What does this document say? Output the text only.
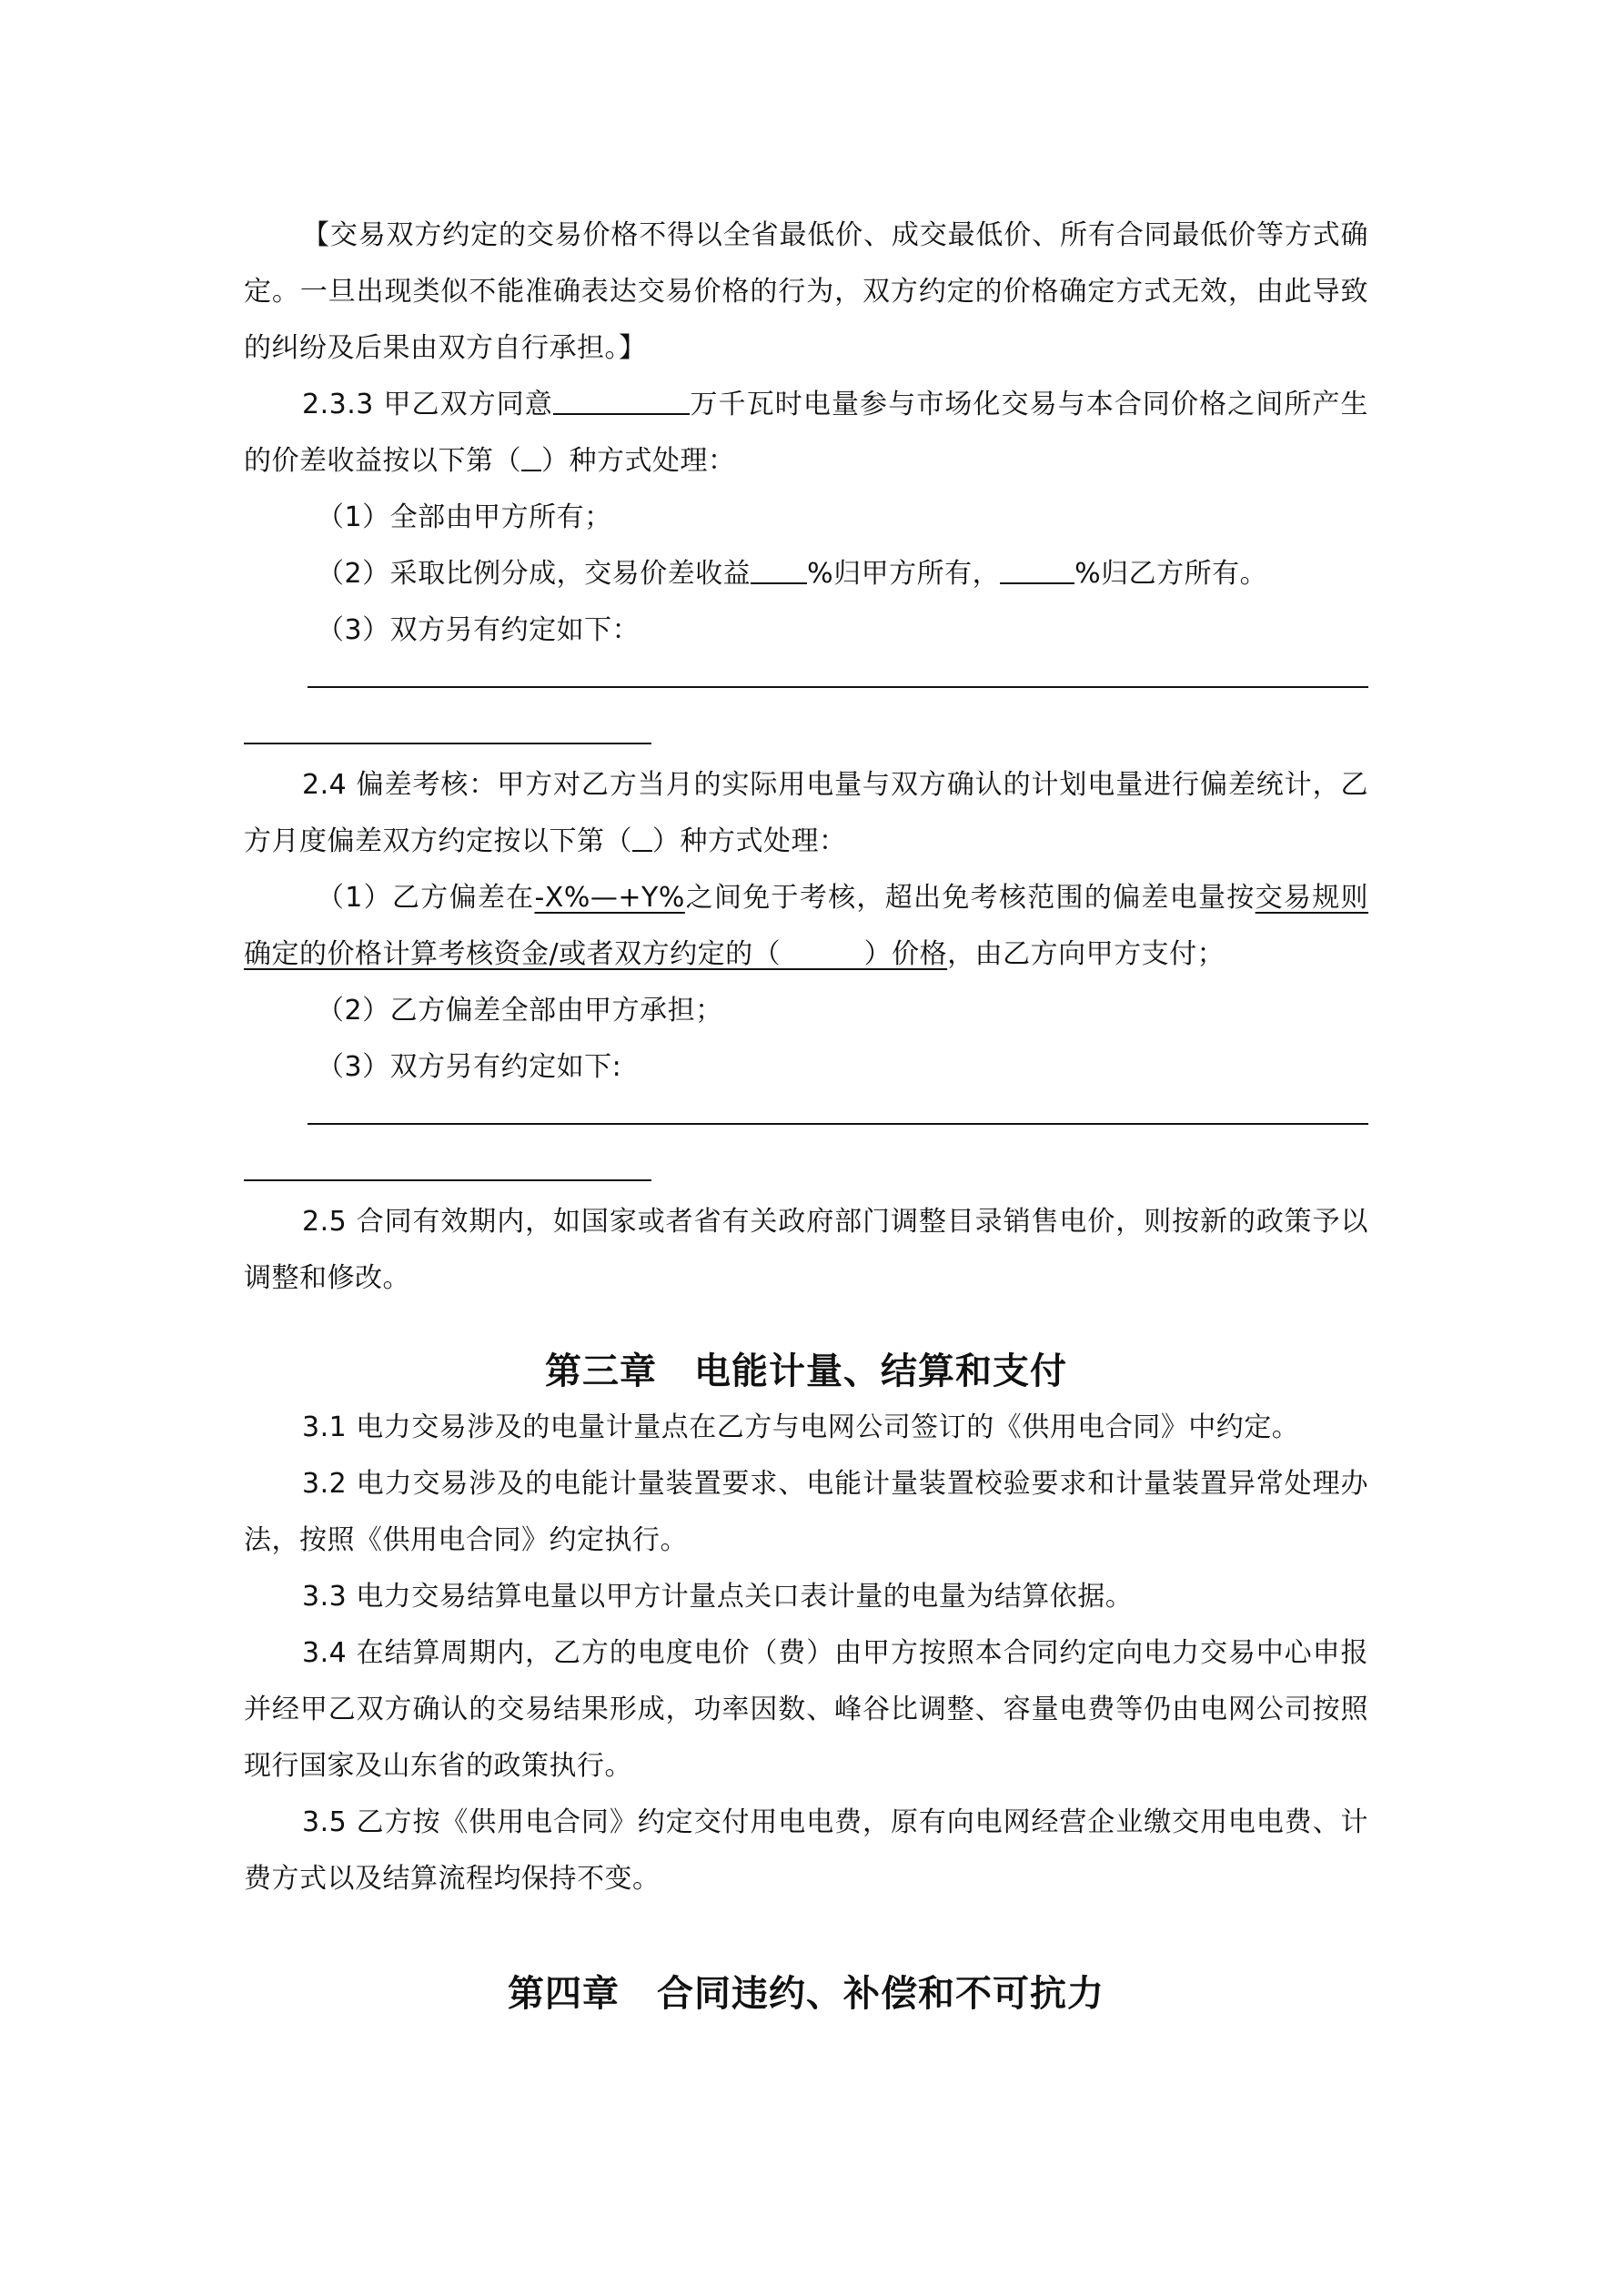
【交易双方约定的交易价格不得以全省最低价、成交最低价、所有合同最低价等方式确定。一旦出现类似不能准确表达交易价格的行为，双方约定的价格确定方式无效，由此导致的纠纷及后果由双方自行承担。】

2.3.3 甲乙双方同意	万千瓦时电量参与市场化交易与本合同价格之间所产生的价差收益按以下第（ ）种方式处理：

（1）全部由甲方所有；

（2）采取比例分成，交易价差收益 %归甲方所有，	%归乙方所有。

（3）双方另有约定如下：

2.4 偏差考核：甲方对乙方当月的实际用电量与双方确认的计划电量进行偏差统计，乙方月度偏差双方约定按以下第（ ）种方式处理：

（1）乙方偏差在-X%—+Y%之间免于考核，超出免考核范围的偏差电量按交易规则确定的价格计算考核资金/或者双方约定的（　　　）价格，由乙方向甲方支付；

（2）乙方偏差全部由甲方承担；

（3）双方另有约定如下:

2.5 合同有效期内，如国家或者省有关政府部门调整目录销售电价，则按新的政策予以调整和修改。

第三章　电能计量、结算和支付

3.1 电力交易涉及的电量计量点在乙方与电网公司签订的《供用电合同》中约定。

3.2 电力交易涉及的电能计量装置要求、电能计量装置校验要求和计量装置异常处理办法，按照《供用电合同》约定执行。

3.3 电力交易结算电量以甲方计量点关口表计量的电量为结算依据。

3.4 在结算周期内，乙方的电度电价（费）由甲方按照本合同约定向电力交易中心申报并经甲乙双方确认的交易结果形成，功率因数、峰谷比调整、容量电费等仍由电网公司按照现行国家及山东省的政策执行。

3.5 乙方按《供用电合同》约定交付用电电费，原有向电网经营企业缴交用电电费、计费方式以及结算流程均保持不变。

第四章　合同违约、补偿和不可抗力
